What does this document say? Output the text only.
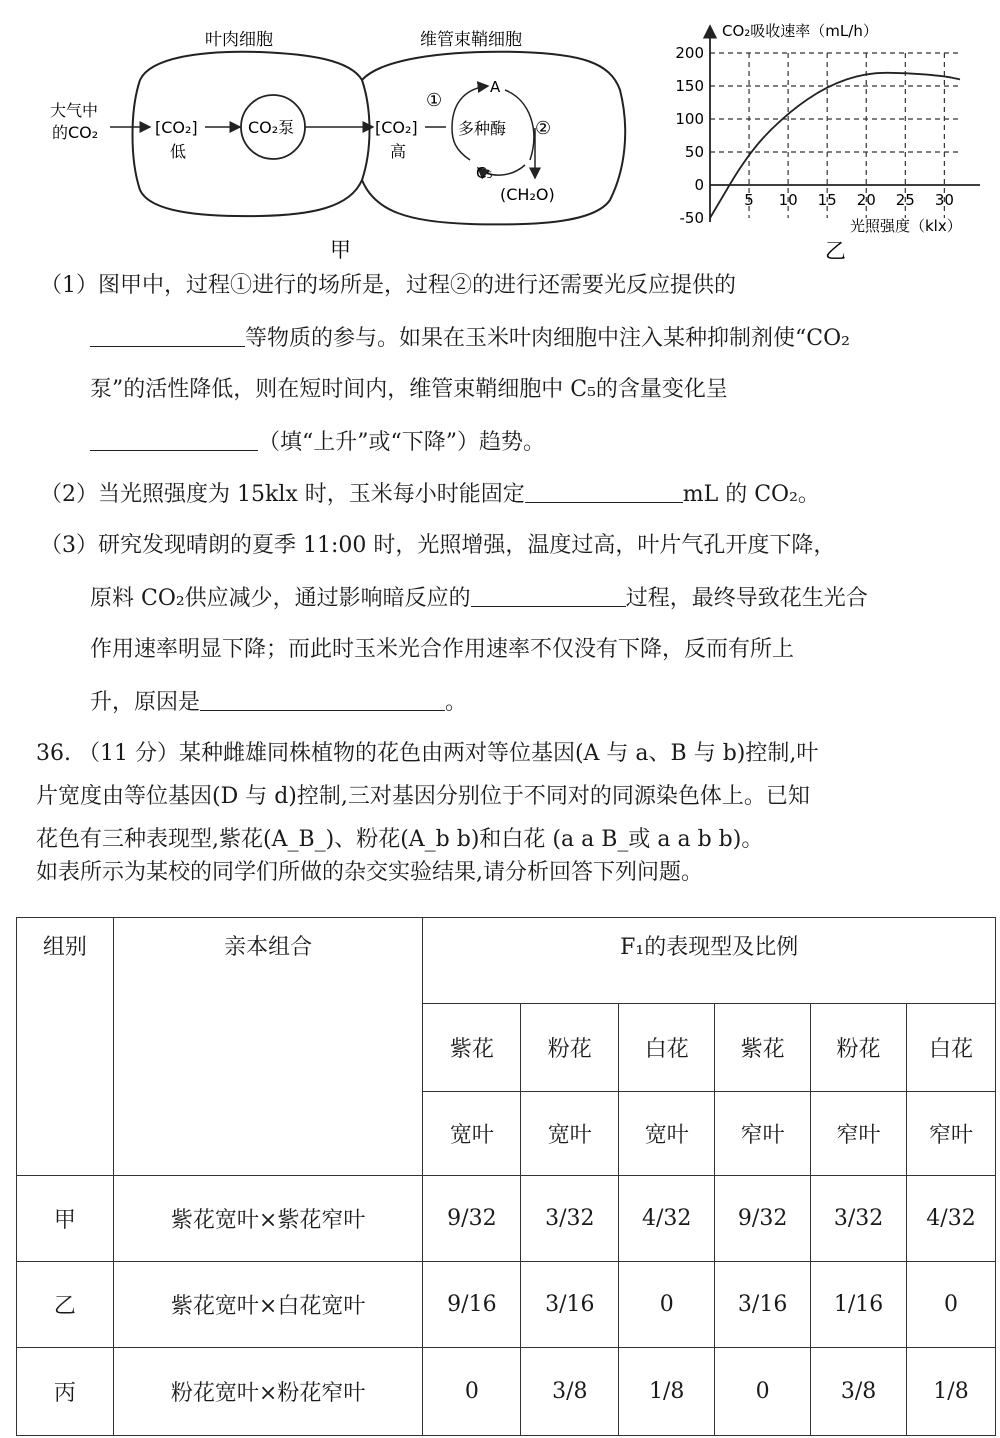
叶肉细胞	维管束鞘细胞
大气中
的CO₂	[CO₂]
低
CO₂泵	[CO₂]
高
①
A
多种酶 ②
C₅
(CH₂O)
甲
-50
0
50
100
150
200
5 10 15 20 25 30
CO₂吸收速率（mL/h）
光照强度（klx）
乙
（1）图甲中，过程①进行的场所是，过程②的进行还需要光反应提供的
等物质的参与。如果在玉米叶肉细胞中注入某种抑制剂使“CO₂
泵”的活性降低，则在短时间内，维管束鞘细胞中 C₅的含量变化呈
（填“上升”或“下降”）趋势。
（2）当光照强度为 15klx 时，玉米每小时能固定	mL 的 CO₂。
（3）研究发现晴朗的夏季 11:00 时，光照增强，温度过高，叶片气孔开度下降，
原料 CO₂供应减少，通过影响暗反应的	过程，最终导致花生光合
作用速率明显下降；而此时玉米光合作用速率不仅没有下降，反而有所上
升，原因是	。
36. （11 分）某种雌雄同株植物的花色由两对等位基因(A 与 a、B 与 b)控制,叶
片宽度由等位基因(D 与 d)控制,三对基因分别位于不同对的同源染色体上。已知
花色有三种表现型,紫花(A_B_)、粉花(A_b b)和白花 (a a B_或 a a b b)。
如表所示为某校的同学们所做的杂交实验结果,请分析回答下列问题。
组别	亲本组合	F₁的表现型及比例					
		紫花	粉花	白花	紫花	粉花	白花
		宽叶	宽叶	宽叶	窄叶	窄叶	窄叶
甲	紫花宽叶×紫花窄叶	9/32	3/32	4/32	9/32	3/32	4/32
乙	紫花宽叶×白花宽叶	9/16	3/16	0	3/16	1/16	0
丙	粉花宽叶×粉花窄叶	0	3/8	1/8	0	3/8	1/8
